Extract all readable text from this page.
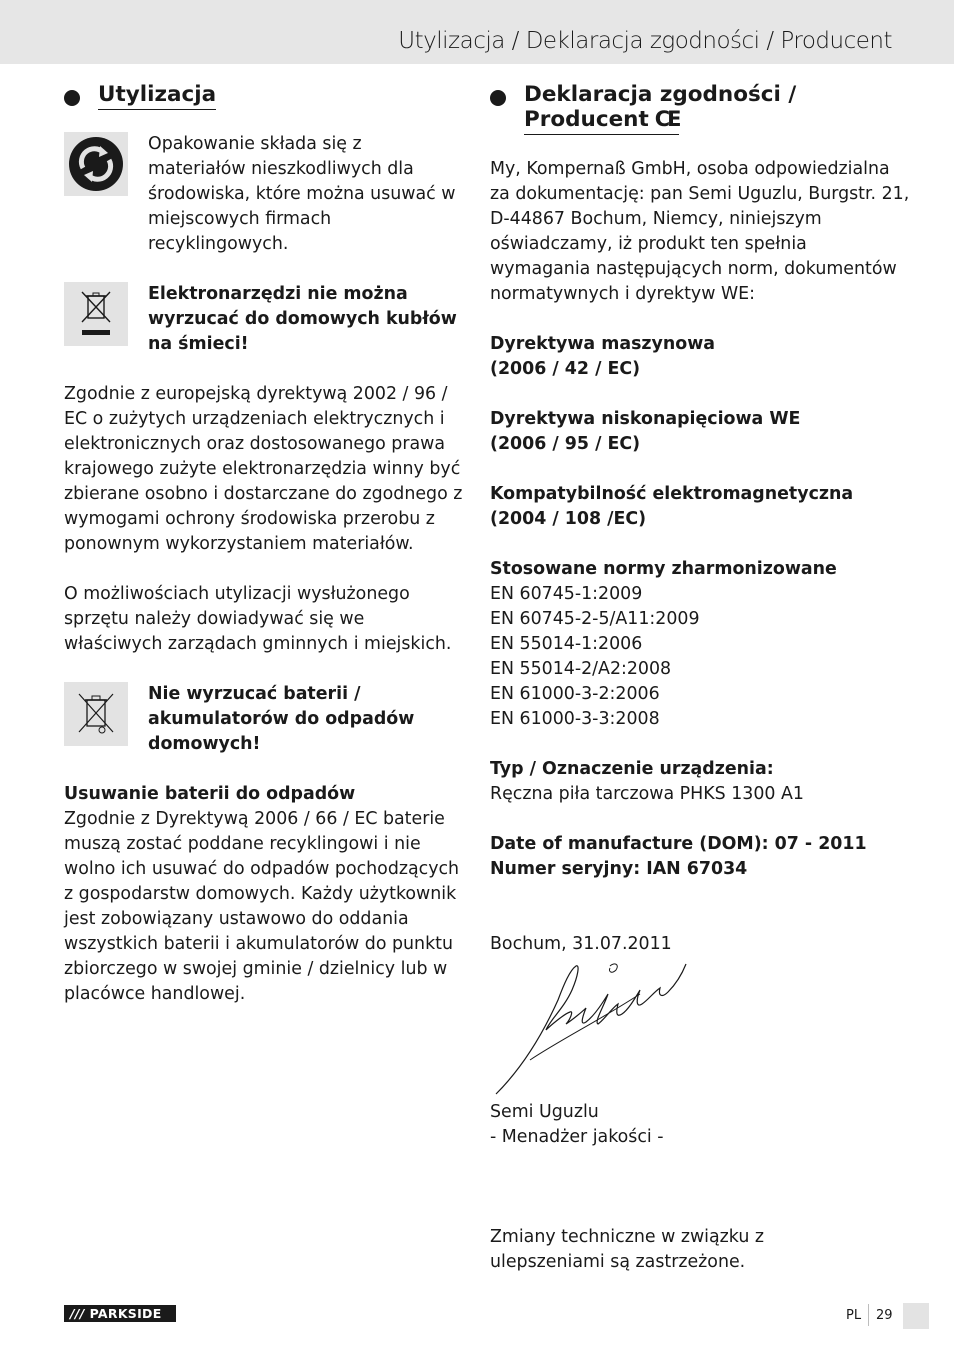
Utylizacja / Deklaracja zgodności / Producent
Utylizacja
Opakowanie składa się z materiałów nieszkodliwych dla środowiska, które można usuwać w miejscowych firmach recyklingowych.
Elektronarzędzi nie można wyrzucać do domowych kubłów na śmieci!

Zgodnie z europejską dyrektywą 2002 / 96 / EC o zużytych urządzeniach elektrycznych i elektronicznych oraz dostosowanego prawa krajowego zużyte elektronarzędzia winny być zbierane osobno i dostarczane do zgodnego z wymogami ochrony środowiska przerobu z ponownym wykorzystaniem materiałów.

O możliwościach utylizacji wysłużonego sprzętu należy dowiadywać się we właściwych zarządach gminnych i miejskich.

Nie wyrzucać baterii / akumulatorów do odpadów domowych!
Usuwanie baterii do odpadów

Zgodnie z Dyrektywą 2006 / 66 / EC baterie muszą zostać poddane recyklingowi i nie wolno ich usuwać do odpadów pochodzących z gospodarstw domowych. Każdy użytkownik jest zobowiązany ustawowo do oddania wszystkich baterii i akumulatorów do punktu zbiorczego w swojej gminie / dzielnicy lub w placówce handlowej.

Deklaracja zgodności /
Producent CE

My, Kompernaß GmbH, osoba odpowiedzialna za dokumentację: pan Semi Uguzlu, Burgstr. 21, D-44867 Bochum, Niemcy, niniejszym oświadczamy, iż produkt ten spełnia wymagania następujących norm, dokumentów normatywnych i dyrektyw WE:

Dyrektywa maszynowa
(2006 / 42 / EC)

Dyrektywa niskonapięciowa WE
(2006 / 95 / EC)

Kompatybilność elektromagnetyczna
(2004 / 108 /EC)

Stosowane normy zharmonizowane
EN 60745-1:2009
EN 60745-2-5/A11:2009
EN 55014-1:2006
EN 55014-2/A2:2008
EN 61000-3-2:2006
EN 61000-3-3:2008
Typ / Oznaczenie urządzenia:
Ręczna piła tarczowa PHKS 1300 A1
Date of manufacture (DOM): 07 - 2011
Numer seryjny: IAN 67034
Bochum, 31.07.2011
Semi Uguzlu
- Menadżer jakości -
Zmiany techniczne w związku z ulepszeniami są zastrzeżone.
/// PARKSIDE	PL 29
